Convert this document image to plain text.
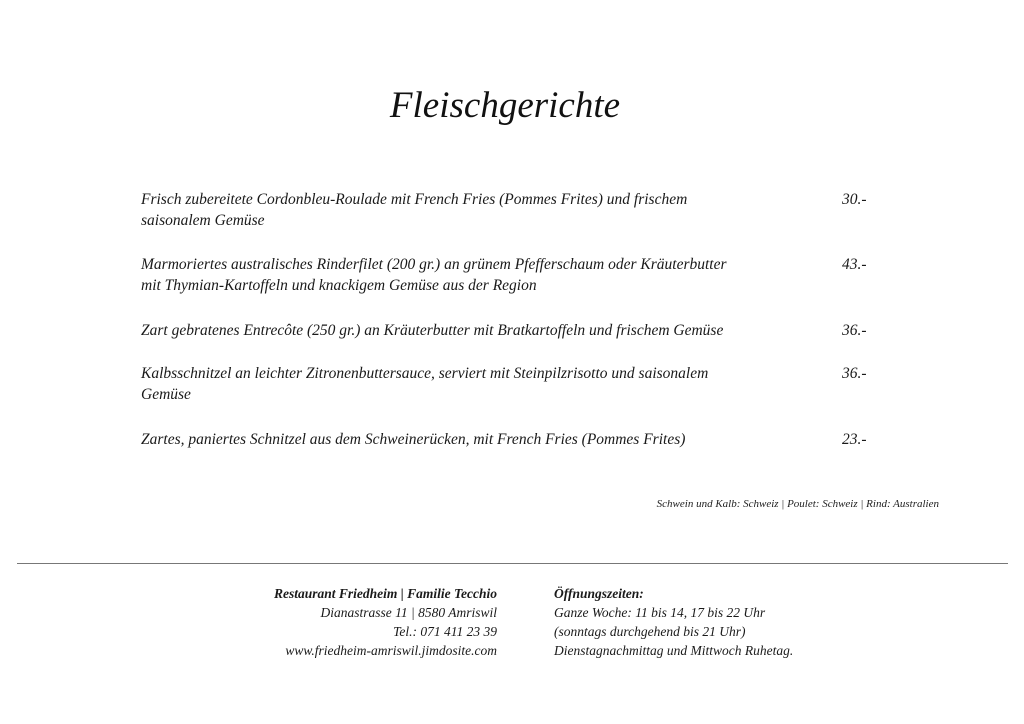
Fleischgerichte
Frisch zubereitete Cordonbleu-Roulade mit French Fries (Pommes Frites) und frischem
saisonalem Gemüse
30.-
Marmoriertes australisches Rinderfilet (200 gr.) an grünem Pfefferschaum oder Kräuterbutter
mit Thymian-Kartoffeln und knackigem Gemüse aus der Region
43.-
Zart gebratenes Entrecôte (250 gr.) an Kräuterbutter mit Bratkartoffeln und frischem Gemüse	36.-
Kalbsschnitzel an leichter Zitronenbuttersauce, serviert mit Steinpilzrisotto und saisonalem
Gemüse
36.-
Zartes, paniertes Schnitzel aus dem Schweinerücken, mit French Fries (Pommes Frites)	23.-
Schwein und Kalb: Schweiz | Poulet: Schweiz | Rind: Australien
Restaurant Friedheim | Familie Tecchio
Dianastrasse 11 | 8580 Amriswil
Tel.: 071 411 23 39
www.friedheim-amriswil.jimdosite.com
Öffnungszeiten:
Ganze Woche: 11 bis 14, 17 bis 22 Uhr
(sonntags durchgehend bis 21 Uhr)
Dienstagnachmittag und Mittwoch Ruhetag.
